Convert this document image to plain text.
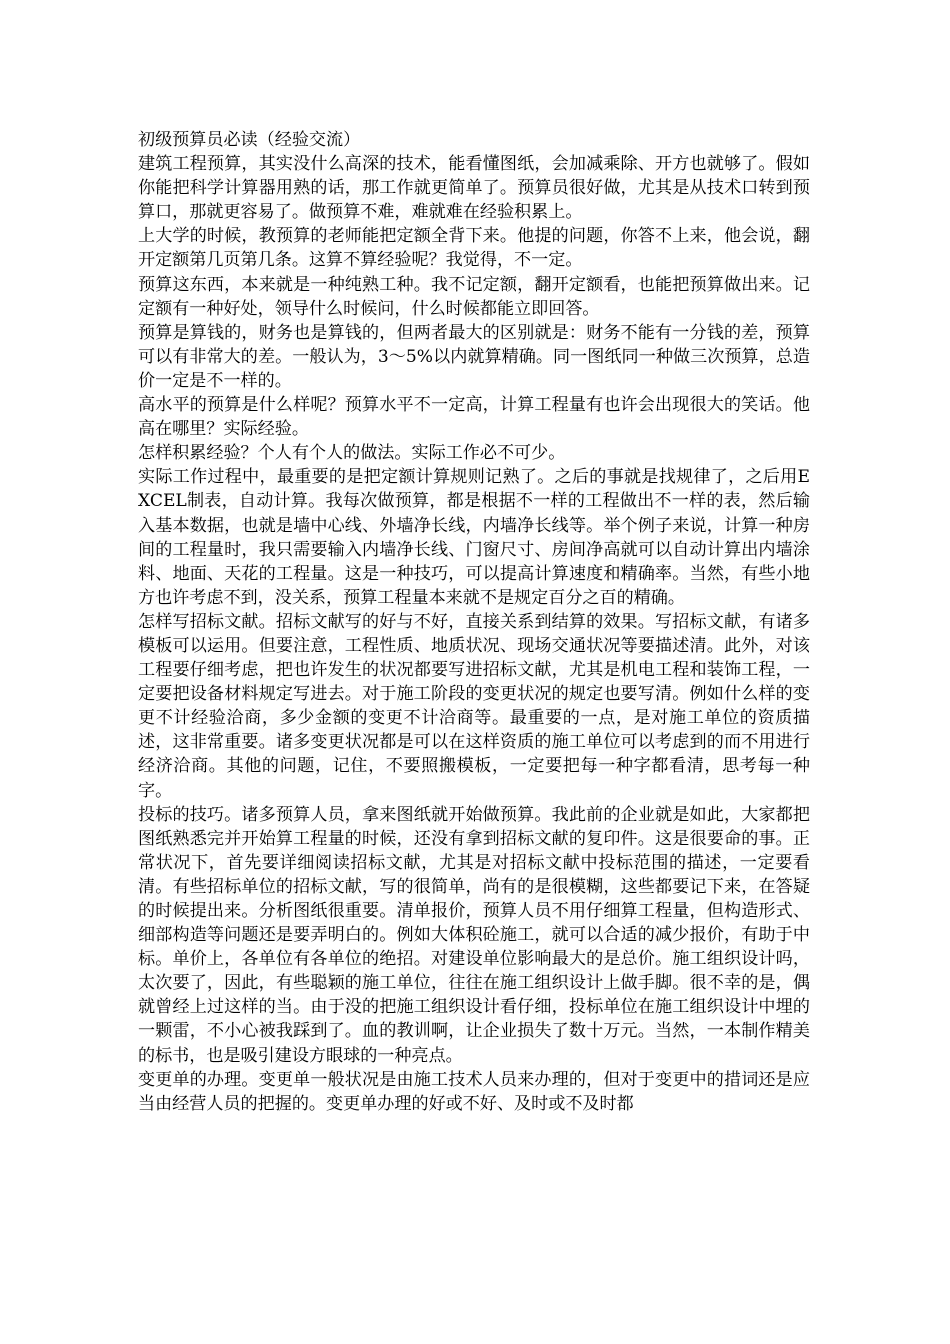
初级预算员必读（经验交流）

建筑工程预算，其实没什么高深的技术，能看懂图纸，会加减乘除、开方也就够了。假如你能把科学计算器用熟的话，那工作就更简单了。预算员很好做，尤其是从技术口转到预算口，那就更容易了。做预算不难，难就难在经验积累上。

上大学的时候，教预算的老师能把定额全背下来。他提的问题，你答不上来，他会说，翻开定额第几页第几条。这算不算经验呢？我觉得，不一定。

预算这东西，本来就是一种纯熟工种。我不记定额，翻开定额看，也能把预算做出来。记定额有一种好处，领导什么时候问，什么时候都能立即回答。

预算是算钱的，财务也是算钱的，但两者最大的区别就是：财务不能有一分钱的差，预算可以有非常大的差。一般认为，3～5%以内就算精确。同一图纸同一种做三次预算，总造价一定是不一样的。

高水平的预算是什么样呢？预算水平不一定高，计算工程量有也许会出现很大的笑话。他高在哪里？实际经验。

怎样积累经验？个人有个人的做法。实际工作必不可少。

实际工作过程中，最重要的是把定额计算规则记熟了。之后的事就是找规律了，之后用EXCEL制表，自动计算。我每次做预算，都是根据不一样的工程做出不一样的表，然后输入基本数据，也就是墙中心线、外墙净长线，内墙净长线等。举个例子来说，计算一种房间的工程量时，我只需要输入内墙净长线、门窗尺寸、房间净高就可以自动计算出内墙涂料、地面、天花的工程量。这是一种技巧，可以提高计算速度和精确率。当然，有些小地方也许考虑不到，没关系，预算工程量本来就不是规定百分之百的精确。

怎样写招标文献。招标文献写的好与不好，直接关系到结算的效果。写招标文献，有诸多模板可以运用。但要注意，工程性质、地质状况、现场交通状况等要描述清。此外，对该工程要仔细考虑，把也许发生的状况都要写进招标文献，尤其是机电工程和装饰工程，一定要把设备材料规定写进去。对于施工阶段的变更状况的规定也要写清。例如什么样的变更不计经验洽商，多少金额的变更不计洽商等。最重要的一点，是对施工单位的资质描述，这非常重要。诸多变更状况都是可以在这样资质的施工单位可以考虑到的而不用进行经济洽商。其他的问题，记住，不要照搬模板，一定要把每一种字都看清，思考每一种字。

投标的技巧。诸多预算人员，拿来图纸就开始做预算。我此前的企业就是如此，大家都把图纸熟悉完并开始算工程量的时候，还没有拿到招标文献的复印件。这是很要命的事。正常状况下，首先要详细阅读招标文献，尤其是对招标文献中投标范围的描述，一定要看清。有些招标单位的招标文献，写的很简单，尚有的是很模糊，这些都要记下来，在答疑的时候提出来。分析图纸很重要。清单报价，预算人员不用仔细算工程量，但构造形式、细部构造等问题还是要弄明白的。例如大体积砼施工，就可以合适的减少报价，有助于中标。单价上，各单位有各单位的绝招。对建设单位影响最大的是总价。施工组织设计吗，太次要了，因此，有些聪颖的施工单位，往往在施工组织设计上做手脚。很不幸的是，偶就曾经上过这样的当。由于没的把施工组织设计看仔细，投标单位在施工组织设计中埋的一颗雷，不小心被我踩到了。血的教训啊，让企业损失了数十万元。当然，一本制作精美的标书，也是吸引建设方眼球的一种亮点。

变更单的办理。变更单一般状况是由施工技术人员来办理的，但对于变更中的措词还是应当由经营人员的把握的。变更单办理的好或不好、及时或不及时都
